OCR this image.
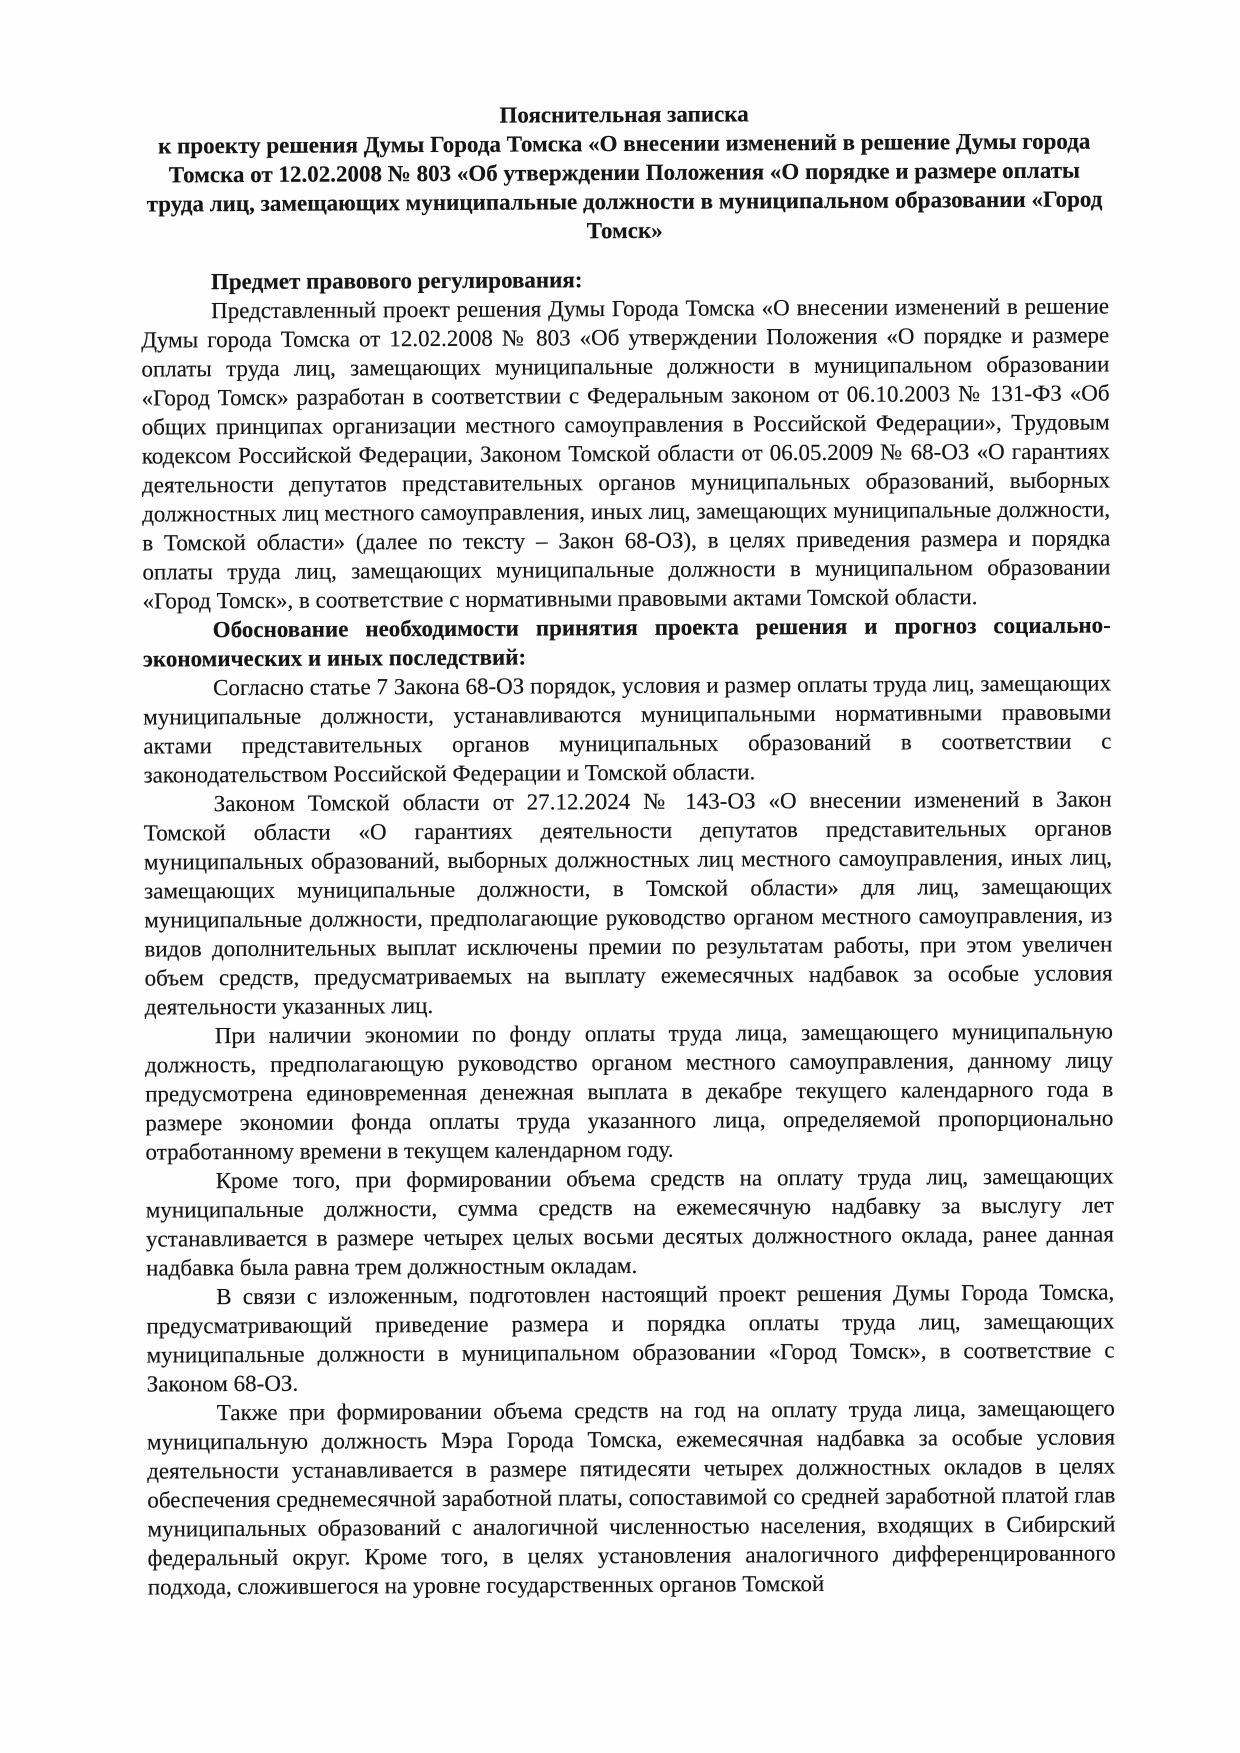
Пояснительная записка

к проекту решения Думы Города Томска «О внесении изменений в решение Думы города Томска от 12.02.2008 № 803 «Об утверждении Положения «О порядке и размере оплаты труда лиц, замещающих муниципальные должности в муниципальном образовании «Город Томск»

Предмет правового регулирования:

Представленный проект решения Думы Города Томска «О внесении изменений в решение Думы города Томска от 12.02.2008 № 803 «Об утверждении Положения «О порядке и размере оплаты труда лиц, замещающих муниципальные должности в муниципальном образовании «Город Томск» разработан в соответствии с Федеральным законом от 06.10.2003 № 131-ФЗ «Об общих принципах организации местного самоуправления в Российской Федерации», Трудовым кодексом Российской Федерации, Законом Томской области от 06.05.2009 № 68-ОЗ «О гарантиях деятельности депутатов представительных органов муниципальных образований, выборных должностных лиц местного самоуправления, иных лиц, замещающих муниципальные должности, в Томской области» (далее по тексту – Закон 68-ОЗ), в целях приведения размера и порядка оплаты труда лиц, замещающих муниципальные должности в муниципальном образовании «Город Томск», в соответствие с нормативными правовыми актами Томской области.

Обоснование необходимости принятия проекта решения и прогноз социально-экономических и иных последствий:

Согласно статье 7 Закона 68-ОЗ порядок, условия и размер оплаты труда лиц, замещающих муниципальные должности, устанавливаются муниципальными нормативными правовыми актами представительных органов муниципальных образований в соответствии с законодательством Российской Федерации и Томской области.

Законом Томской области от 27.12.2024 № 143-ОЗ «О внесении изменений в Закон Томской области «О гарантиях деятельности депутатов представительных органов муниципальных образований, выборных должностных лиц местного самоуправления, иных лиц, замещающих муниципальные должности, в Томской области» для лиц, замещающих муниципальные должности, предполагающие руководство органом местного самоуправления, из видов дополнительных выплат исключены премии по результатам работы, при этом увеличен объем средств, предусматриваемых на выплату ежемесячных надбавок за особые условия деятельности указанных лиц.

При наличии экономии по фонду оплаты труда лица, замещающего муниципальную должность, предполагающую руководство органом местного самоуправления, данному лицу предусмотрена единовременная денежная выплата в декабре текущего календарного года в размере экономии фонда оплаты труда указанного лица, определяемой пропорционально отработанному времени в текущем календарном году.

Кроме того, при формировании объема средств на оплату труда лиц, замещающих муниципальные должности, сумма средств на ежемесячную надбавку за выслугу лет устанавливается в размере четырех целых восьми десятых должностного оклада, ранее данная надбавка была равна трем должностным окладам.

В связи с изложенным, подготовлен настоящий проект решения Думы Города Томска, предусматривающий приведение размера и порядка оплаты труда лиц, замещающих муниципальные должности в муниципальном образовании «Город Томск», в соответствие с Законом 68-ОЗ.

Также при формировании объема средств на год на оплату труда лица, замещающего муниципальную должность Мэра Города Томска, ежемесячная надбавка за особые условия деятельности устанавливается в размере пятидесяти четырех должностных окладов в целях обеспечения среднемесячной заработной платы, сопоставимой со средней заработной платой глав муниципальных образований с аналогичной численностью населения, входящих в Сибирский федеральный округ. Кроме того, в целях установления аналогичного дифференцированного подхода, сложившегося на уровне государственных органов Томской
